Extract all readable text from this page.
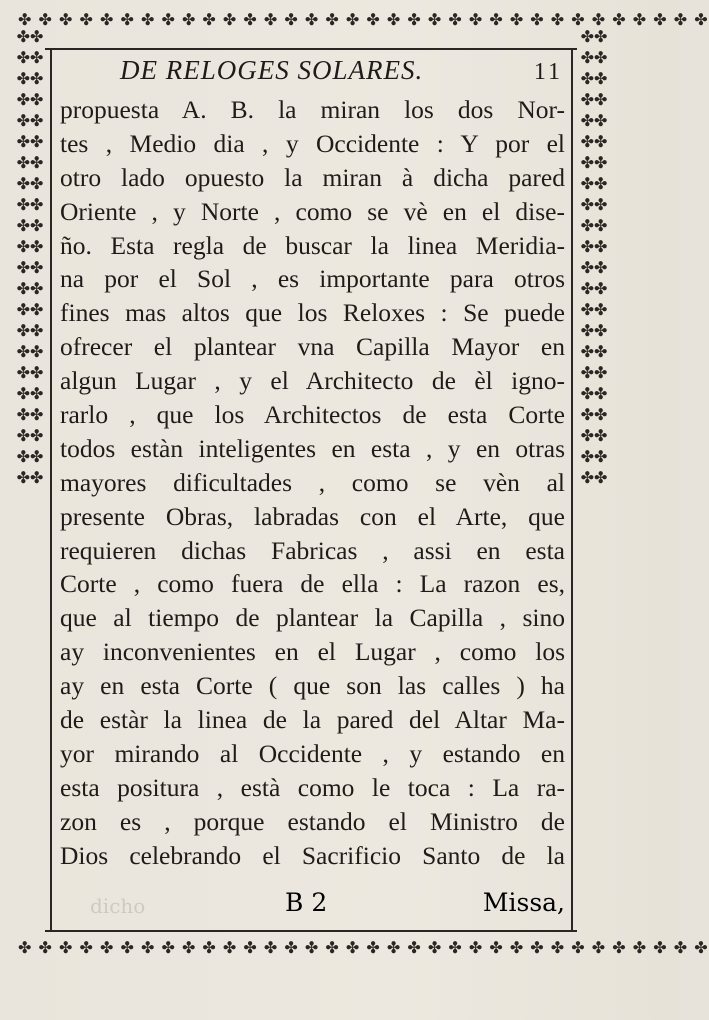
✤ ✤ ✤ ✤ ✤ ✤ ✤ ✤ ✤ ✤ ✤ ✤ ✤ ✤ ✤ ✤ ✤ ✤ ✤ ✤ ✤ ✤ ✤ ✤ ✤ ✤ ✤ ✤ ✤ ✤ ✤ ✤ ✤ ✤
✤ ✤ ✤ ✤ ✤ ✤ ✤ ✤ ✤ ✤ ✤ ✤ ✤ ✤ ✤ ✤ ✤ ✤ ✤ ✤ ✤ ✤ ✤ ✤ ✤ ✤ ✤ ✤ ✤ ✤ ✤ ✤ ✤ ✤
✤✤✤✤✤✤✤✤✤✤✤✤✤✤✤✤✤✤✤✤✤✤✤✤✤✤✤✤✤✤✤✤✤✤✤✤✤✤✤✤✤✤✤✤
✤✤✤✤✤✤✤✤✤✤✤✤✤✤✤✤✤✤✤✤✤✤✤✤✤✤✤✤✤✤✤✤✤✤✤✤✤✤✤✤✤✤✤✤
DE RELOGES SOLARES.	11
propuesta A. B. la miran los dos Nor-
tes , Medio dia , y Occidente : Y por el
otro lado opuesto la miran à dicha pared
Oriente , y Norte , como se vè en el dise-
ño. Esta regla de buscar la linea Meridia-
na por el Sol , es importante para otros
fines mas altos que los Reloxes : Se puede
ofrecer el plantear vna Capilla Mayor en
algun Lugar , y el Architecto de èl igno-
rarlo , que los Architectos de esta Corte
todos estàn inteligentes en esta , y en otras
mayores dificultades , como se vèn al
presente Obras, labradas con el Arte, que
requieren dichas Fabricas , assi en esta
Corte , como fuera de ella : La razon es,
que al tiempo de plantear la Capilla , sino
ay inconvenientes en el Lugar , como los
ay en esta Corte ( que son las calles ) ha
de estàr la linea de la pared del Altar Ma-
yor mirando al Occidente , y estando en
esta positura , està como le toca : La ra-
zon es , porque estando el Ministro de
Dios celebrando el Sacrificio Santo de la
dicho	B 2	Missa,
